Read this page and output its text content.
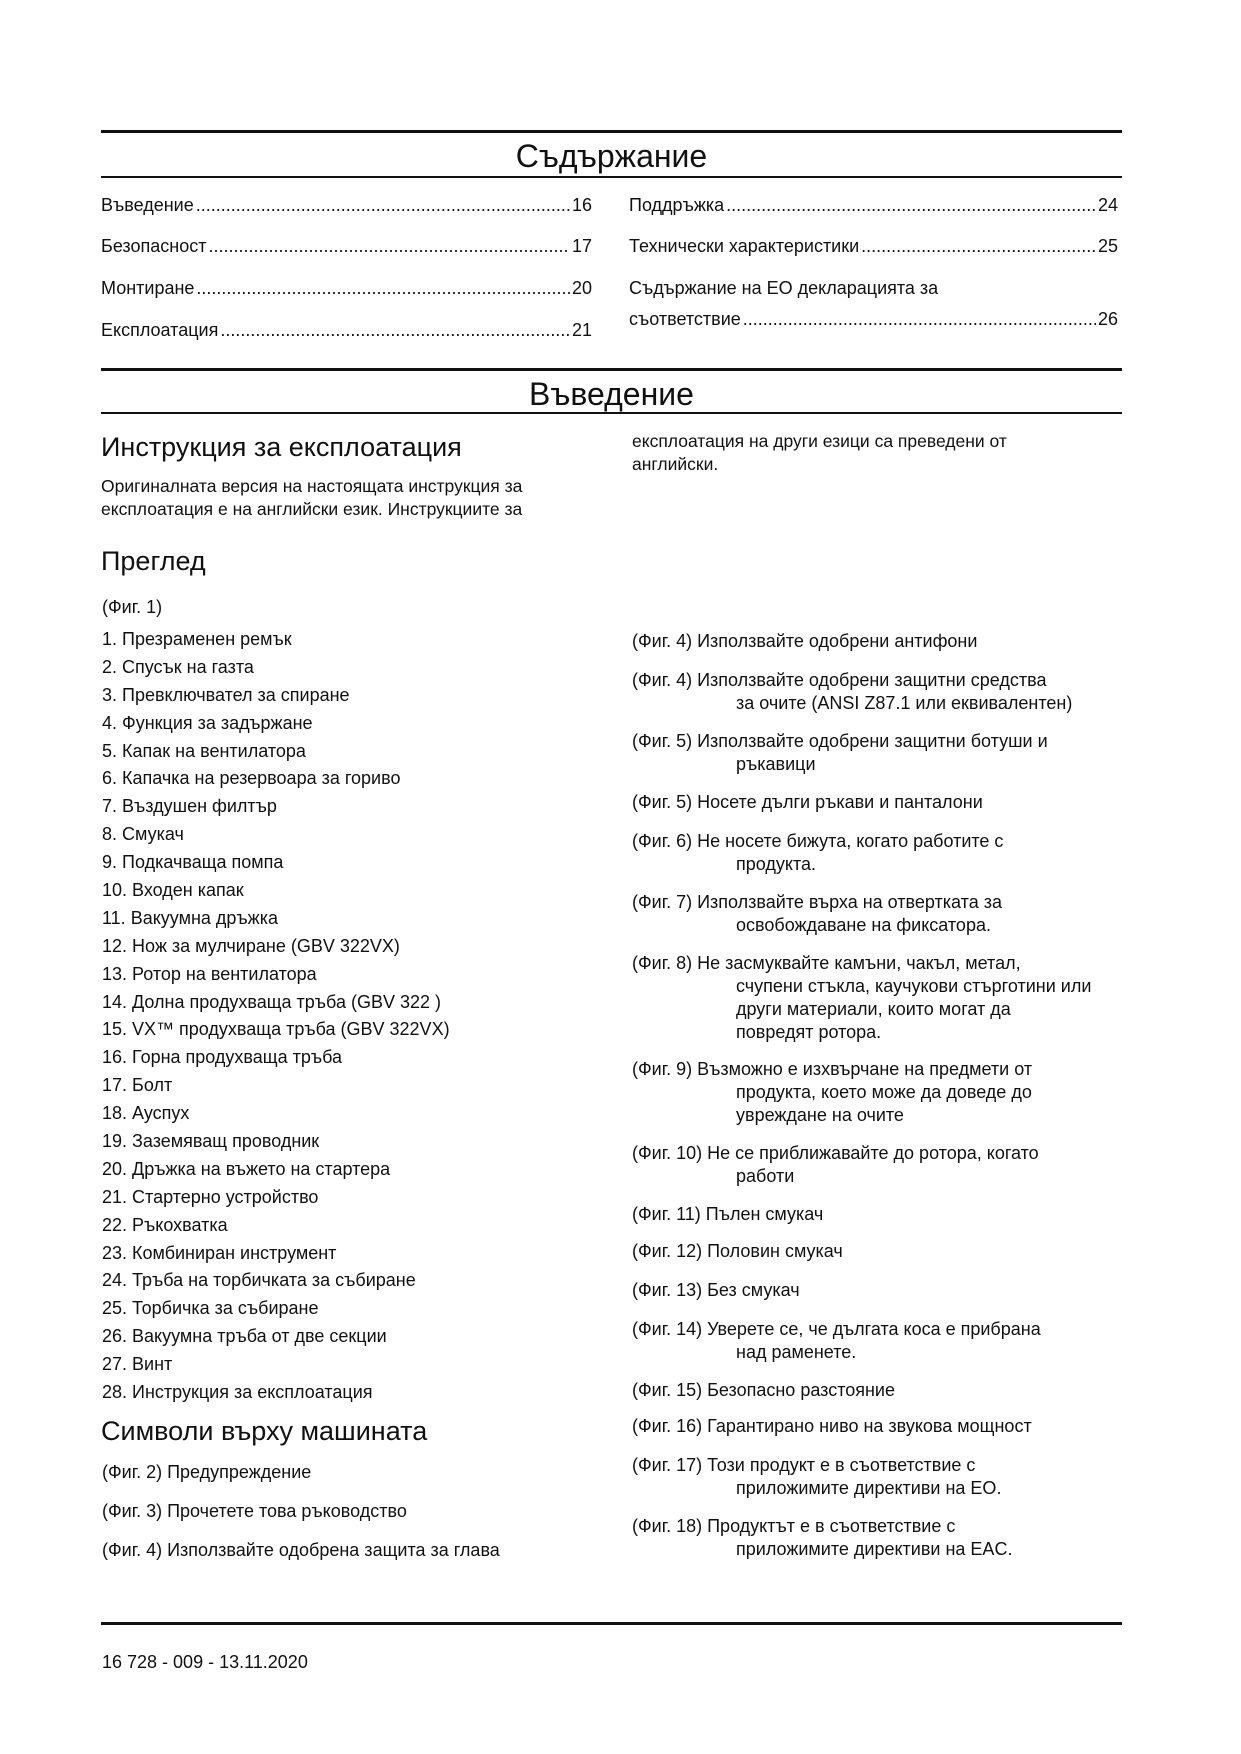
Съдържание
Въведение .....	16
Безопасност .....	17
Монтиране .....	20
Експлоатация .....	21
Поддръжка .....	24
Технически характеристики .....	25
Съдържание на ЕО декларацията за
съответствие .....	26
Въведение
Инструкция за експлоатация
Оригиналната версия на настоящата инструкция за експлоатация е на английски език. Инструкциите за
експлоатация на други езици са преведени от английски.
Преглед
(Фиг. 1)
1. Презраменен ремък
2. Спусък на газта
3. Превключвател за спиране
4. Функция за задържане
5. Капак на вентилатора
6. Капачка на резервоара за гориво
7. Въздушен филтър
8. Смукач
9. Подкачваща помпа
10. Входен капак
11. Вакуумна дръжка
12. Нож за мулчиране (GBV 322VX)
13. Ротор на вентилатора
14. Долна продухваща тръба (GBV 322 )
15. VX™ продухваща тръба (GBV 322VX)
16. Горна продухваща тръба
17. Болт
18. Ауспух
19. Заземяващ проводник
20. Дръжка на въжето на стартера
21. Стартерно устройство
22. Ръкохватка
23. Комбиниран инструмент
24. Тръба на торбичката за събиране
25. Торбичка за събиране
26. Вакуумна тръба от две секции
27. Винт
28. Инструкция за експлоатация
Символи върху машината
(Фиг. 2) Предупреждение
(Фиг. 3) Прочетете това ръководство
(Фиг. 4) Използвайте одобрена защита за глава
(Фиг. 4) Използвайте одобрени антифони
(Фиг. 4) Използвайте одобрени защитни средства
за очите (ANSI Z87.1 или еквивалентен)
(Фиг. 5) Използвайте одобрени защитни ботуши и
ръкавици
(Фиг. 5) Носете дълги ръкави и панталони
(Фиг. 6) Не носете бижута, когато работите с
продукта.
(Фиг. 7) Използвайте върха на отвертката за
освобождаване на фиксатора.
(Фиг. 8) Не засмуквайте камъни, чакъл, метал,
счупени стъкла, каучукови стърготини или
други материали, които могат да
повредят ротора.
(Фиг. 9) Възможно е изхвърчане на предмети от
продукта, което може да доведе до
увреждане на очите
(Фиг. 10) Не се приближавайте до ротора, когато
работи
(Фиг. 11) Пълен смукач
(Фиг. 12) Половин смукач
(Фиг. 13) Без смукач
(Фиг. 14) Уверете се, че дългата коса е прибрана
над раменете.
(Фиг. 15) Безопасно разстояние
(Фиг. 16) Гарантирано ниво на звукова мощност
(Фиг. 17) Този продукт е в съответствие с
приложимите директиви на ЕО.
(Фиг. 18) Продуктът е в съответствие с
приложимите директиви на EAC.
16 728 - 009 - 13.11.2020
